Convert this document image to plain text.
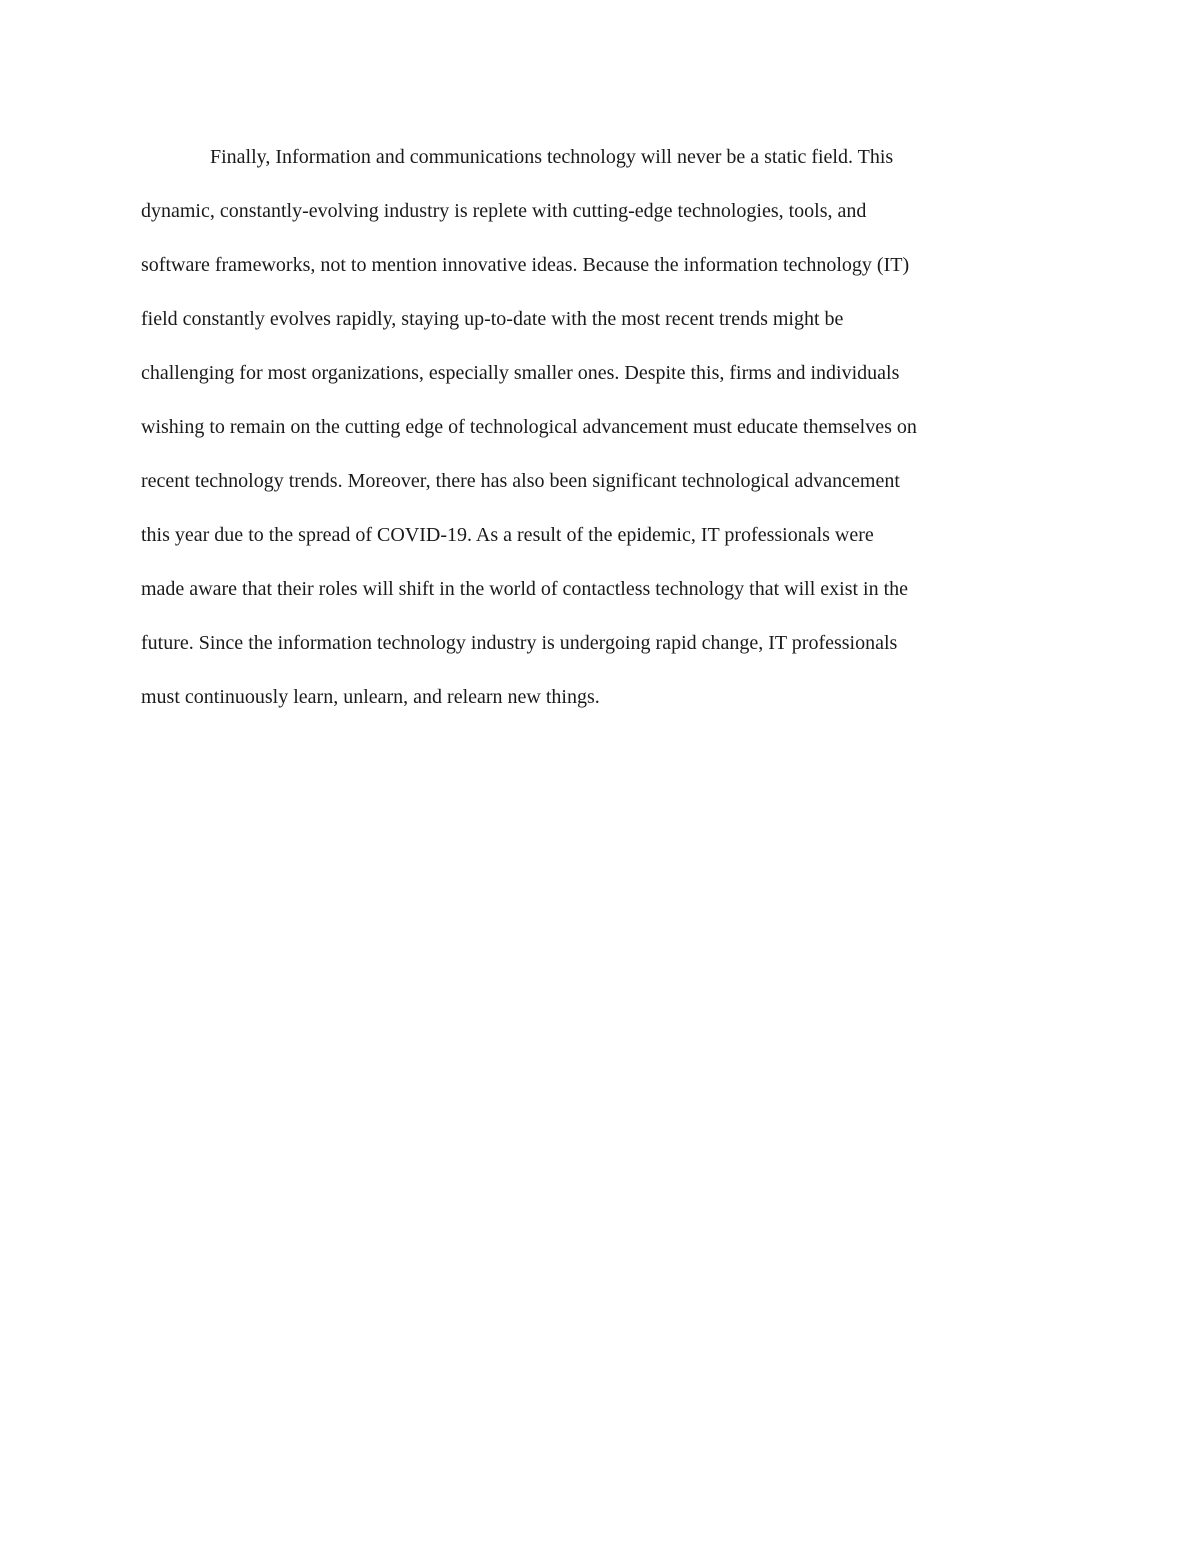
Finally, Information and communications technology will never be a static field. This
dynamic, constantly-evolving industry is replete with cutting-edge technologies, tools, and
software frameworks, not to mention innovative ideas. Because the information technology (IT)
field constantly evolves rapidly, staying up-to-date with the most recent trends might be
challenging for most organizations, especially smaller ones. Despite this, firms and individuals
wishing to remain on the cutting edge of technological advancement must educate themselves on
recent technology trends. Moreover, there has also been significant technological advancement
this year due to the spread of COVID-19. As a result of the epidemic, IT professionals were
made aware that their roles will shift in the world of contactless technology that will exist in the
future. Since the information technology industry is undergoing rapid change, IT professionals
must continuously learn, unlearn, and relearn new things.
